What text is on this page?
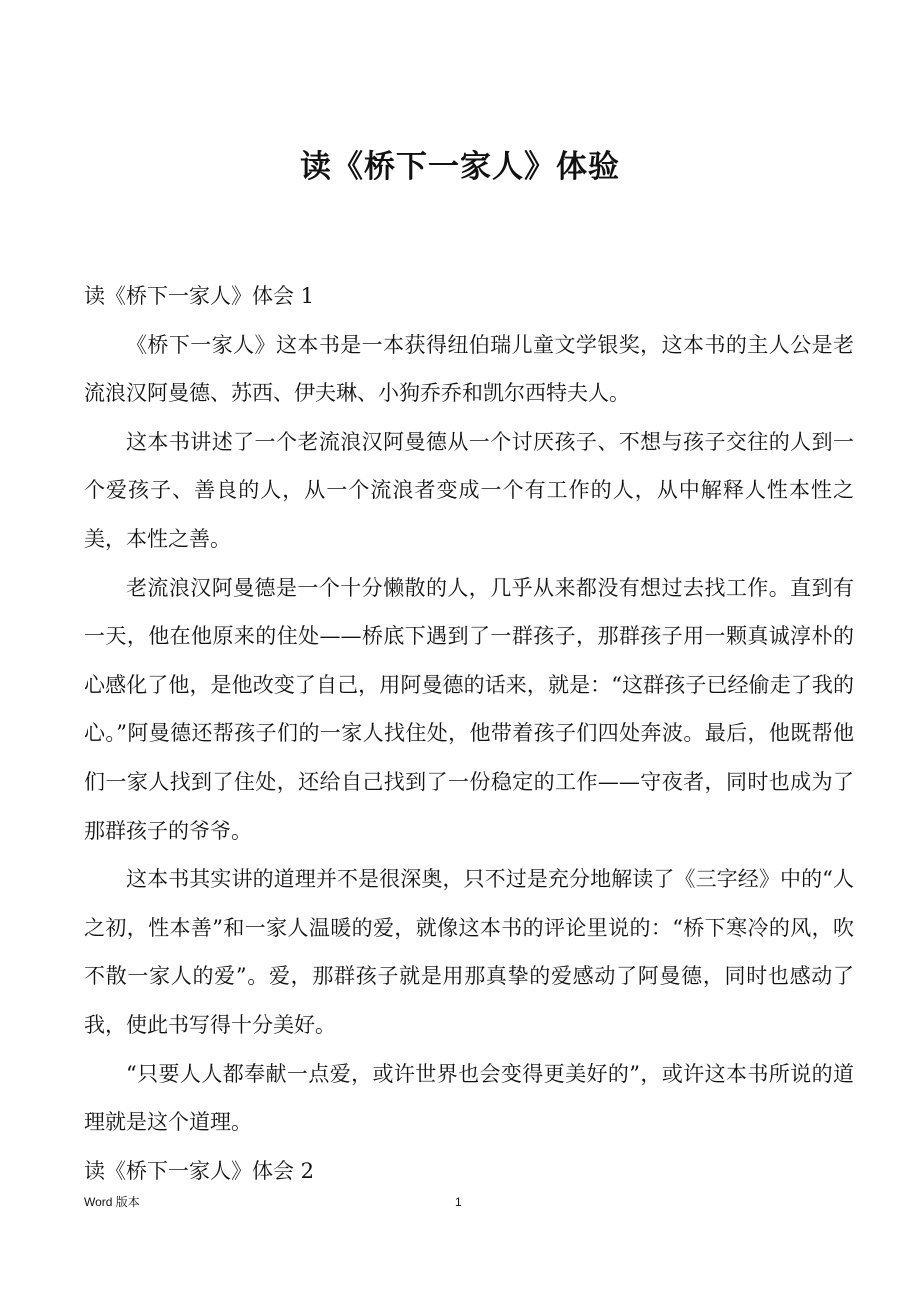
读《桥下一家人》体验

读《桥下一家人》体会 1

《桥下一家人》这本书是一本获得纽伯瑞儿童文学银奖，这本书的主人公是老流浪汉阿曼德、苏西、伊夫琳、小狗乔乔和凯尔西特夫人。

这本书讲述了一个老流浪汉阿曼德从一个讨厌孩子、不想与孩子交往的人到一个爱孩子、善良的人，从一个流浪者变成一个有工作的人，从中解释人性本性之美，本性之善。

老流浪汉阿曼德是一个十分懒散的人，几乎从来都没有想过去找工作。直到有一天，他在他原来的住处——桥底下遇到了一群孩子，那群孩子用一颗真诚淳朴的心感化了他，是他改变了自己，用阿曼德的话来，就是：“这群孩子已经偷走了我的心。”阿曼德还帮孩子们的一家人找住处，他带着孩子们四处奔波。最后，他既帮他们一家人找到了住处，还给自己找到了一份稳定的工作——守夜者，同时也成为了那群孩子的爷爷。

这本书其实讲的道理并不是很深奥，只不过是充分地解读了《三字经》中的“人之初，性本善”和一家人温暖的爱，就像这本书的评论里说的：“桥下寒冷的风，吹不散一家人的爱”。爱，那群孩子就是用那真挚的爱感动了阿曼德，同时也感动了我，使此书写得十分美好。

“只要人人都奉献一点爱，或许世界也会变得更美好的”，或许这本书所说的道理就是这个道理。

读《桥下一家人》体会 2

Word 版本	1
